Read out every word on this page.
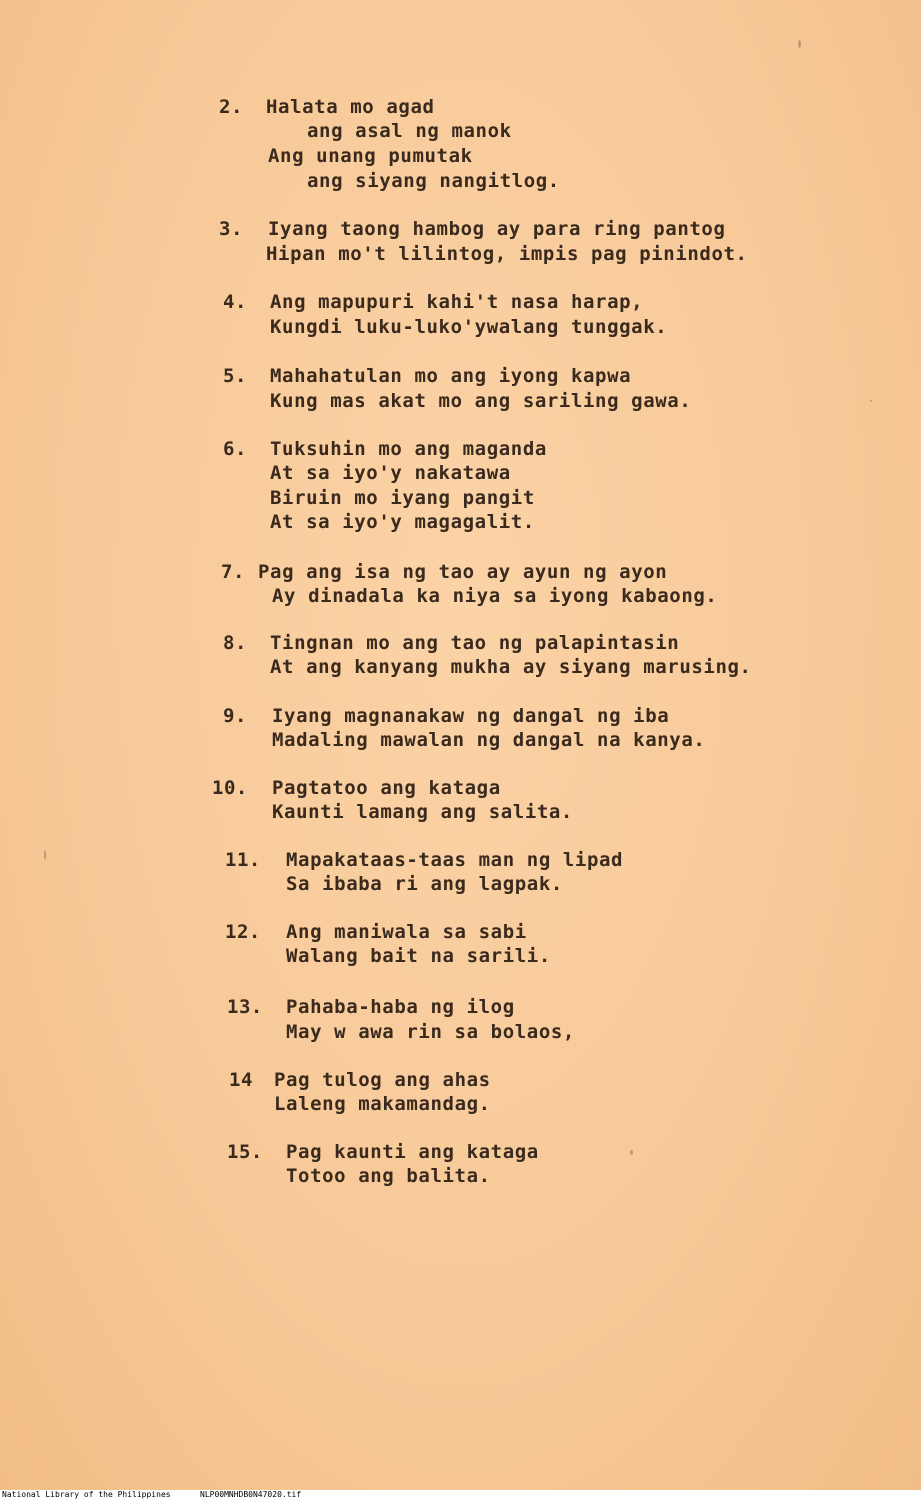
2. Halata mo agad
ang asal ng manok
Ang unang pumutak
ang siyang nangitlog.
3. Iyang taong hambog ay para ring pantog
Hipan mo't lilintog, impis pag pinindot.
4. Ang mapupuri kahi't nasa harap,
Kungdi luku-luko'ywalang tunggak.
5. Mahahatulan mo ang iyong kapwa
Kung mas akat mo ang sariling gawa.
6. Tuksuhin mo ang maganda
At sa iyo'y nakatawa
Biruin mo iyang pangit
At sa iyo'y magagalit.
7. Pag ang isa ng tao ay ayun ng ayon
Ay dinadala ka niya sa iyong kabaong.
8. Tingnan mo ang tao ng palapintasin
At ang kanyang mukha ay siyang marusing.
9. Iyang magnanakaw ng dangal ng iba
Madaling mawalan ng dangal na kanya.
10. Pagtatoo ang kataga
Kaunti lamang ang salita.
11. Mapakataas-taas man ng lipad
Sa ibaba ri ang lagpak.
12. Ang maniwala sa sabi
Walang bait na sarili.
13. Pahaba-haba ng ilog
May w awa rin sa bolaos,
14 Pag tulog ang ahas
Laleng makamandag.
15. Pag kaunti ang kataga
Totoo ang balita.
National Library of the Philippines	NLP00MNHDB0N47020.tif
